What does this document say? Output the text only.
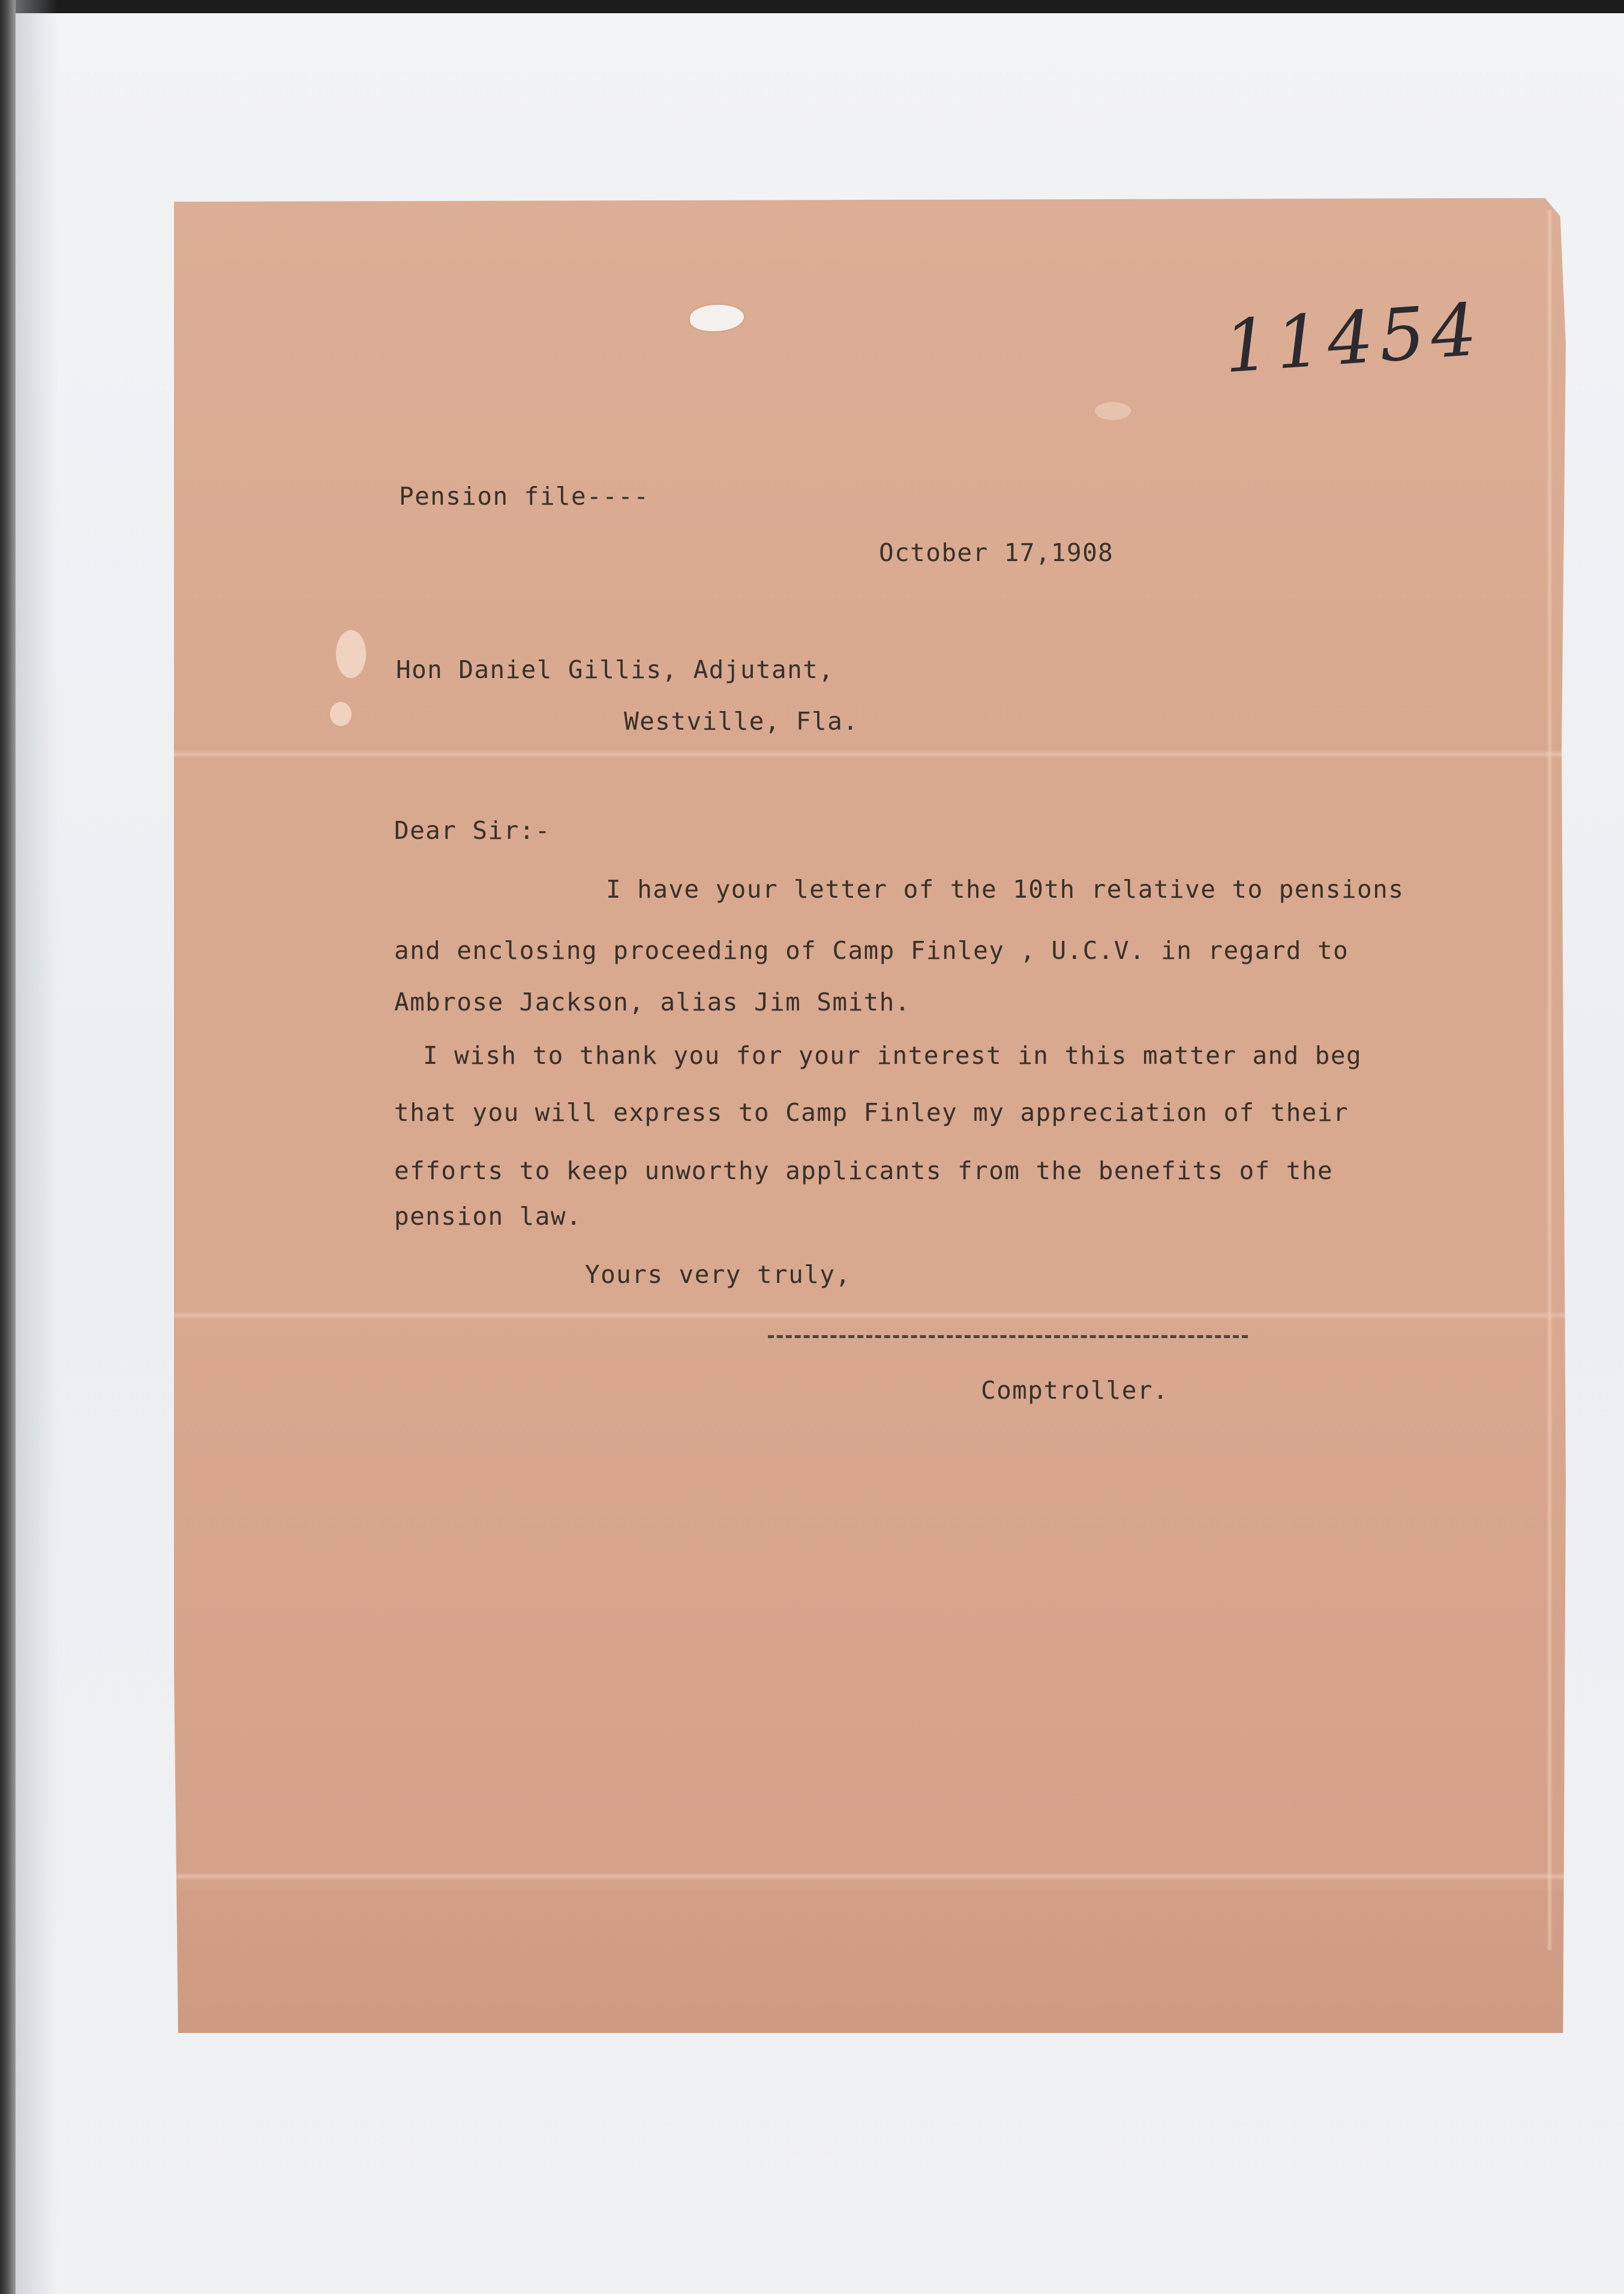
11454
Pension file----
October 17,1908
Hon Daniel Gillis, Adjutant,
Westville, Fla.
Dear Sir:-
I have your letter of the 10th relative to pensions
and enclosing proceeding of Camp Finley , U.C.V. in regard to
Ambrose Jackson, alias Jim Smith.
I wish to thank you for your interest in this matter and beg
that you will express to Camp Finley my appreciation of their
efforts to keep unworthy applicants from the benefits of the
pension law.
Yours very truly,
Comptroller.
